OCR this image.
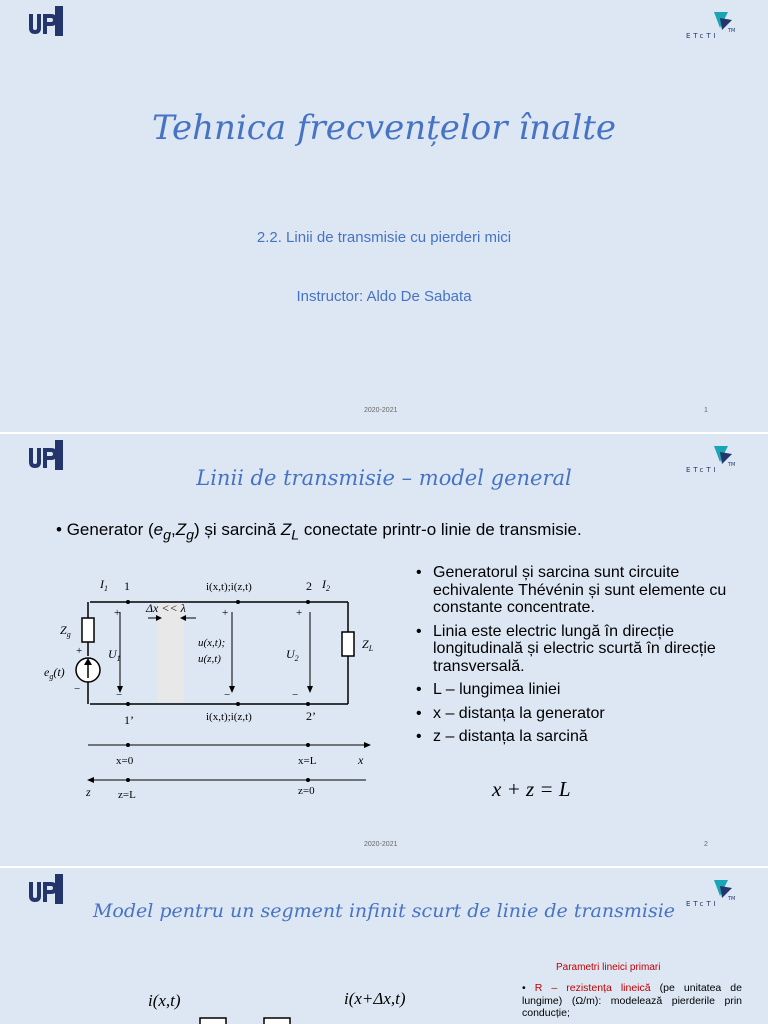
ETcTI
TM
Tehnica frecvențelor înalte
2.2. Linii de transmisie cu pierderi mici
Instructor: Aldo De Sabata
2020-2021	1
ETcTI
TM
Linii de transmisie – model general
• Generator $(e_g,Z_g)$ și sarcină $Z_L$ conectate printr-o linie de transmisie.
$I_1$ 1	i(x,t);i(z,t)	2 $I_2$
+	+	+
Δx << λ
$Z_g$
+ $U_1$
u(x,t);
u(z,t)	$U_2$
$Z_L$
$e_g(t)$
−	−	−	−
1’	i(x,t);i(z,t)	2’
x=0	x=L	x
z z=L	z=0
• Generatorul și sarcina sunt circuite echivalente Thévénin și sunt elemente cu constante concentrate.
• Linia este electric lungă în direcție longitudinală și electric scurtă în direcție transversală.
• L – lungimea liniei
• x – distanța la generator
• z – distanța la sarcină
x + z = L
2020-2021	2
ETcTI
TM
Model pentru un segment infinit scurt de linie de transmisie
Parametri lineici primari
• R – rezistența lineică (pe unitatea de lungime) (Ω/m): modelează pierderile prin conducție;
i(x,t)	i(x+Δx,t)
